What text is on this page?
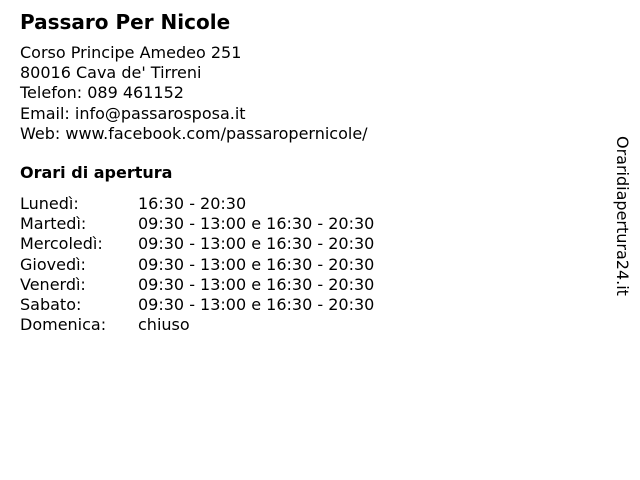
Passaro Per Nicole
Corso Principe Amedeo 251
80016 Cava de' Tirreni
Telefon: 089 461152
Email: info@passarosposa.it
Web: www.facebook.com/passaropernicole/
Orari di apertura
Lunedì:	16:30 - 20:30
Martedì:	09:30 - 13:00 e 16:30 - 20:30
Mercoledì: 09:30 - 13:00 e 16:30 - 20:30
Giovedì:	09:30 - 13:00 e 16:30 - 20:30
Venerdì:	09:30 - 13:00 e 16:30 - 20:30
Sabato:	09:30 - 13:00 e 16:30 - 20:30
Domenica: chiuso
Oraridiapertura24.it
